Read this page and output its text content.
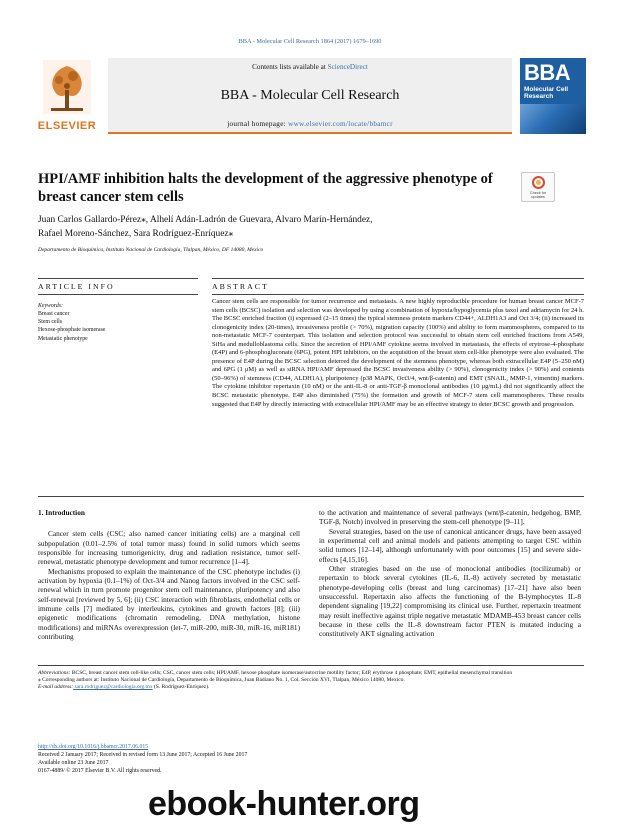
BBA - Molecular Cell Research 1864 (2017) 1679–1690
ELSEVIER
Contents lists available at ScienceDirect
BBA - Molecular Cell Research
journal homepage: www.elsevier.com/locate/bbamcr
BBA
Molecular Cell Research
HPI/AMF inhibition halts the development of the aggressive phenotype of breast cancer stem cells	Check for
updates
Juan Carlos Gallardo-Pérez⁎, Alhelí Adán-Ladrón de Guevara, Alvaro Marín-Hernández,
Rafael Moreno-Sánchez, Sara Rodríguez-Enríquez⁎
Departamento de Bioquímica, Instituto Nacional de Cardiología, Tlalpan, México, DF 14080, Mexico
ARTICLE INFO	ABSTRACT
Keywords:
Breast cancer
Stem cells
Hexose-phosphate isomerase
Metastatic phenotype

Cancer stem cells are responsible for tumor recurrence and metastasis. A new highly reproducible procedure for human breast cancer MCF-7 stem cells (BCSC) isolation and selection was developed by using a combination of hypoxia/hypoglycemia plus taxol and adriamycin for 24 h. The BCSC enriched fraction (i) expressed (2–15 times) the typical stemness protein markers CD44+, ALDH1A3 and Oct 3/4; (ii) increased its clonogenicity index (20-times), invasiveness profile (> 70%), migration capacity (100%) and ability to form mammospheres, compared to its non-metastatic MCF-7 counterpart. This isolation and selection protocol was successful to obtain stem cell enriched fractions from A549, SiHa and medulloblastoma cells. Since the secretion of HPI/AMF cytokine seems involved in metastasis, the effects of erytrose-4-phosphate (E4P) and 6-phosphogluconate (6PG), potent HPI inhibitors, on the acquisition of the breast stem cell-like phenotype were also evaluated. The presence of E4P during the BCSC selection deterred the development of the stemness phenotype, whereas both extracellular E4P (5–250 nM) and 6PG (1 μM) as well as siRNA HPI/AMF depressed the BCSC invasiveness ability (> 90%), clonogenicity index (> 90%) and contents (50–96%) of stemness (CD44, ALDH1A), pluripotency (p38 MAPK, Oct3/4, wnt/β-catenin) and EMT (SNAIL, MMP-1, vimentin) markers. The cytokine inhibitor repertaxin (10 nM) or the anti-IL-8 or anti-TGF-β monoclonal antibodies (10 μg/mL) did not significantly affect the BCSC metastatic phenotype. E4P also diminished (75%) the formation and growth of MCF-7 stem cell mammospheres. These results suggested that E4P by directly interacting with extracellular HPI/AMF may be an effective strategy to deter BCSC growth and progression.

1. Introduction

Cancer stem cells (CSC; also named cancer initiating cells) are a marginal cell subpopulation (0.01–2.5% of total tumor mass) found in solid tumors which seems responsible for increasing tumorigenicity, drug and radiation resistance, tumor self-renewal, metastatic phenotype development and tumor recurrence [1–4].

Mechanisms proposed to explain the maintenance of the CSC phenotype includes (i) activation by hypoxia (0.1–1%) of Oct-3/4 and Nanog factors involved in the CSC self-renewal which in turn promote progenitor stem cell maintenance, pluripotency and also self-renewal [reviewed by 5, 6]; (ii) CSC interaction with fibroblasts, endothelial cells or immune cells [7] mediated by interleukins, cytokines and growth factors [8]; (iii) epigenetic modifications (chromatin remodeling, DNA methylation, histone modifications) and miRNAs overexpression (let-7, miR-200, miR-30, miR-16, miR181) contributing

to the activation and maintenance of several pathways (wnt/β-catenin, hedgehog, BMP, TGF-β, Notch) involved in preserving the stem-cell phenotype [9–11].

Several strategies, based on the use of canonical anticancer drugs, have been assayed in experimental cell and animal models and patients attempting to target CSC within solid tumors [12–14], although unfortunately with poor outcomes [15] and severe side-effects [4,15,16].

Other strategies based on the use of monoclonal antibodies (tocilizumab) or repertaxin to block several cytokines (IL-6, IL-8) actively secreted by metastatic phenotype-developing cells (breast and lung carcinomas) [17–21] have also been unsuccessful. Repertaxin also affects the functioning of the B-lymphocytes IL-8 dependent signaling [19,22] compromising its clinical use. Further, repertaxin treatment may result ineffective against triple negative metastatic MDAMB-453 breast cancer cells because in these cells the IL-8 downstream factor PTEN is mutated inducing a constitutively AKT signaling activation

Abbreviations: BCSC, breast cancer stem cell-like cells; CSC, cancer stem cells; HPI/AMF, hexose phosphate isomerase/autocrine motility factor; E4P, erythrose 4 phosphate; EMT, epithelial mesenchymal transition
⁎ Corresponding authors at: Instituto Nacional de Cardiología, Departamento de Bioquímica, Juan Badiano No. 1, Col. Sección XVI, Tlalpan, México 14080, Mexico.
E-mail address: sara.rodriguez@cardiologia.org.mx (S. Rodríguez-Enríquez).
http://dx.doi.org/10.1016/j.bbamcr.2017.06.015
Received 2 January 2017; Received in revised form 13 June 2017; Accepted 16 June 2017
Available online 23 June 2017
0167-4889/ © 2017 Elsevier B.V. All rights reserved.
ebook-hunter.org
